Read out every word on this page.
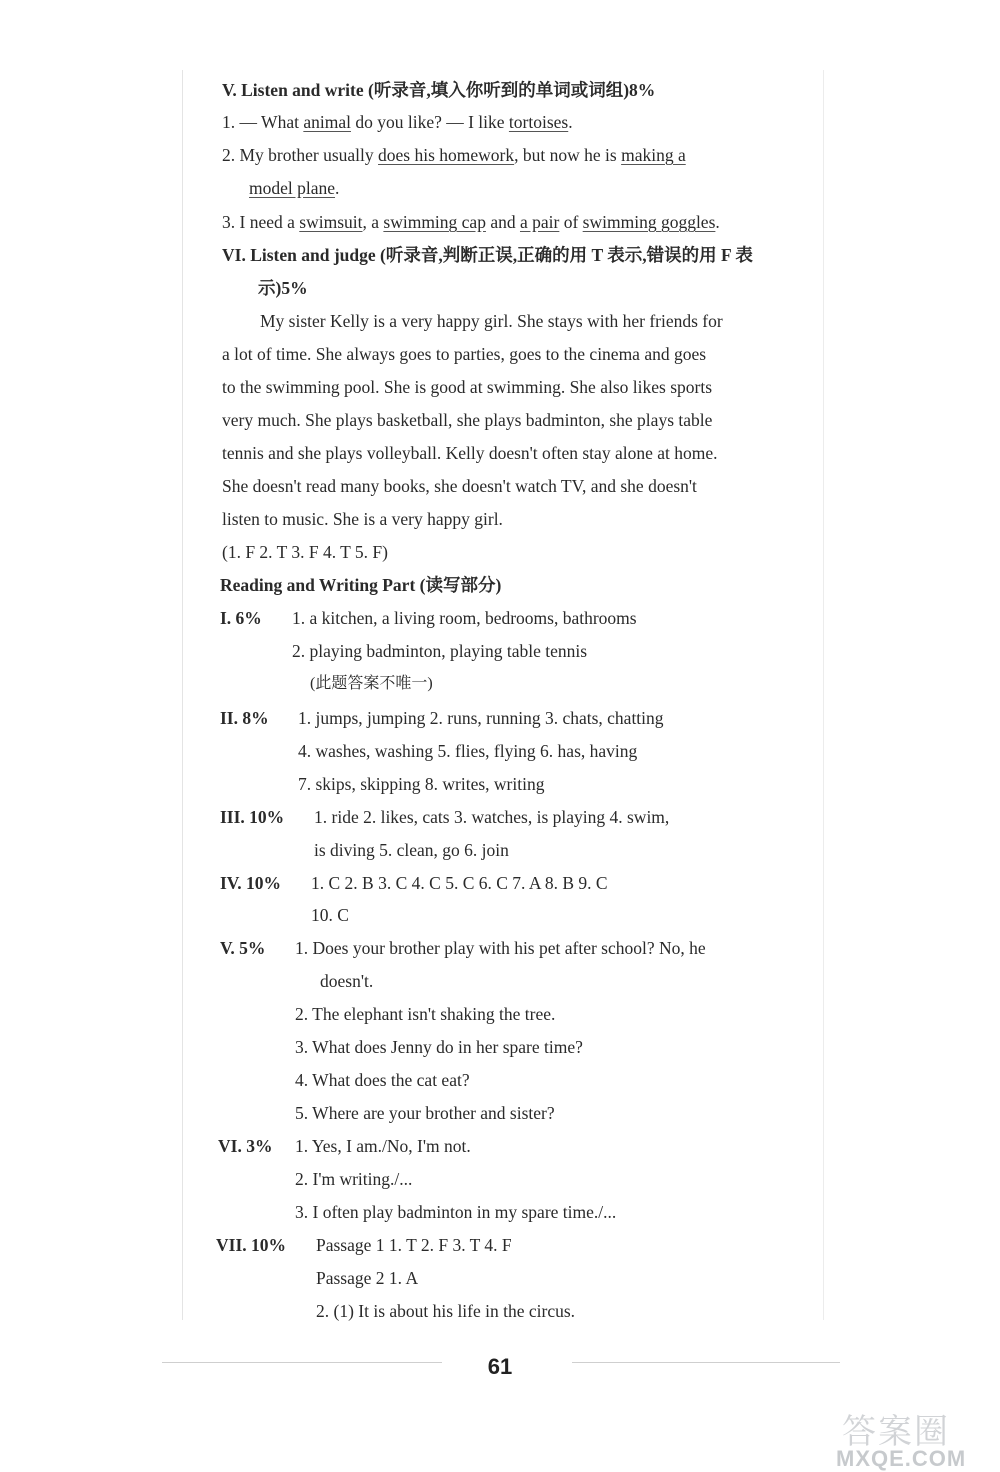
V. Listen and write (听录音,填入你听到的单词或词组)8%
1. — What animal do you like? — I like tortoises.
2. My brother usually does his homework, but now he is making a
model plane.
3. I need a swimsuit, a swimming cap and a pair of swimming goggles.
VI. Listen and judge (听录音,判断正误,正确的用 T 表示,错误的用 F 表
示)5%
My sister Kelly is a very happy girl. She stays with her friends for
a lot of time. She always goes to parties, goes to the cinema and goes
to the swimming pool. She is good at swimming. She also likes sports
very much. She plays basketball, she plays badminton, she plays table
tennis and she plays volleyball. Kelly doesn't often stay alone at home.
She doesn't read many books, she doesn't watch TV, and she doesn't
listen to music. She is a very happy girl.
(1. F 2. T 3. F 4. T 5. F)
Reading and Writing Part (读写部分)
I. 6% 1. a kitchen, a living room, bedrooms, bathrooms
2. playing badminton, playing table tennis
(此题答案不唯一)
II. 8% 1. jumps, jumping 2. runs, running 3. chats, chatting
4. washes, washing 5. flies, flying 6. has, having
7. skips, skipping 8. writes, writing
III. 10% 1. ride 2. likes, cats 3. watches, is playing 4. swim,
is diving 5. clean, go 6. join
IV. 10% 1. C 2. B 3. C 4. C 5. C 6. C 7. A 8. B 9. C
10. C
V. 5% 1. Does your brother play with his pet after school? No, he
doesn't.
2. The elephant isn't shaking the tree.
3. What does Jenny do in her spare time?
4. What does the cat eat?
5. Where are your brother and sister?
VI. 3% 1. Yes, I am./No, I'm not.
2. I'm writing./...
3. I often play badminton in my spare time./...
VII. 10% Passage 1 1. T 2. F 3. T 4. F
Passage 2 1. A
2. (1) It is about his life in the circus.
61
答案圈
MXQE.COM
